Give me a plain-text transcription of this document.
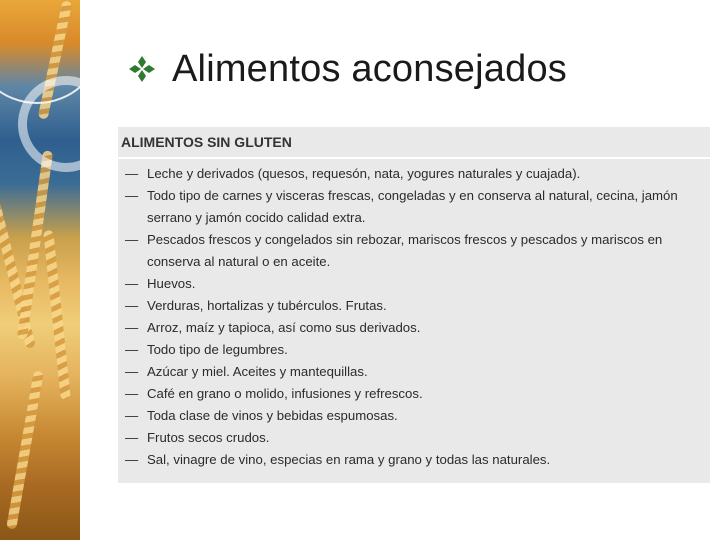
Alimentos aconsejados
ALIMENTOS SIN GLUTEN
— Leche y derivados (quesos, requesón, nata, yogures naturales y cuajada).
— Todo tipo de carnes y visceras frescas, congeladas y en conserva al natural, cecina, jamón serrano y jamón cocido calidad extra.
— Pescados frescos y congelados sin rebozar, mariscos frescos y pescados y mariscos en conserva al natural o en aceite.
— Huevos.
— Verduras, hortalizas y tubérculos. Frutas.
— Arroz, maíz y tapioca, así como sus derivados.
— Todo tipo de legumbres.
— Azúcar y miel. Aceites y mantequillas.
— Café en grano o molido, infusiones y refrescos.
— Toda clase de vinos y bebidas espumosas.
— Frutos secos crudos.
— Sal, vinagre de vino, especias en rama y grano y todas las naturales.
